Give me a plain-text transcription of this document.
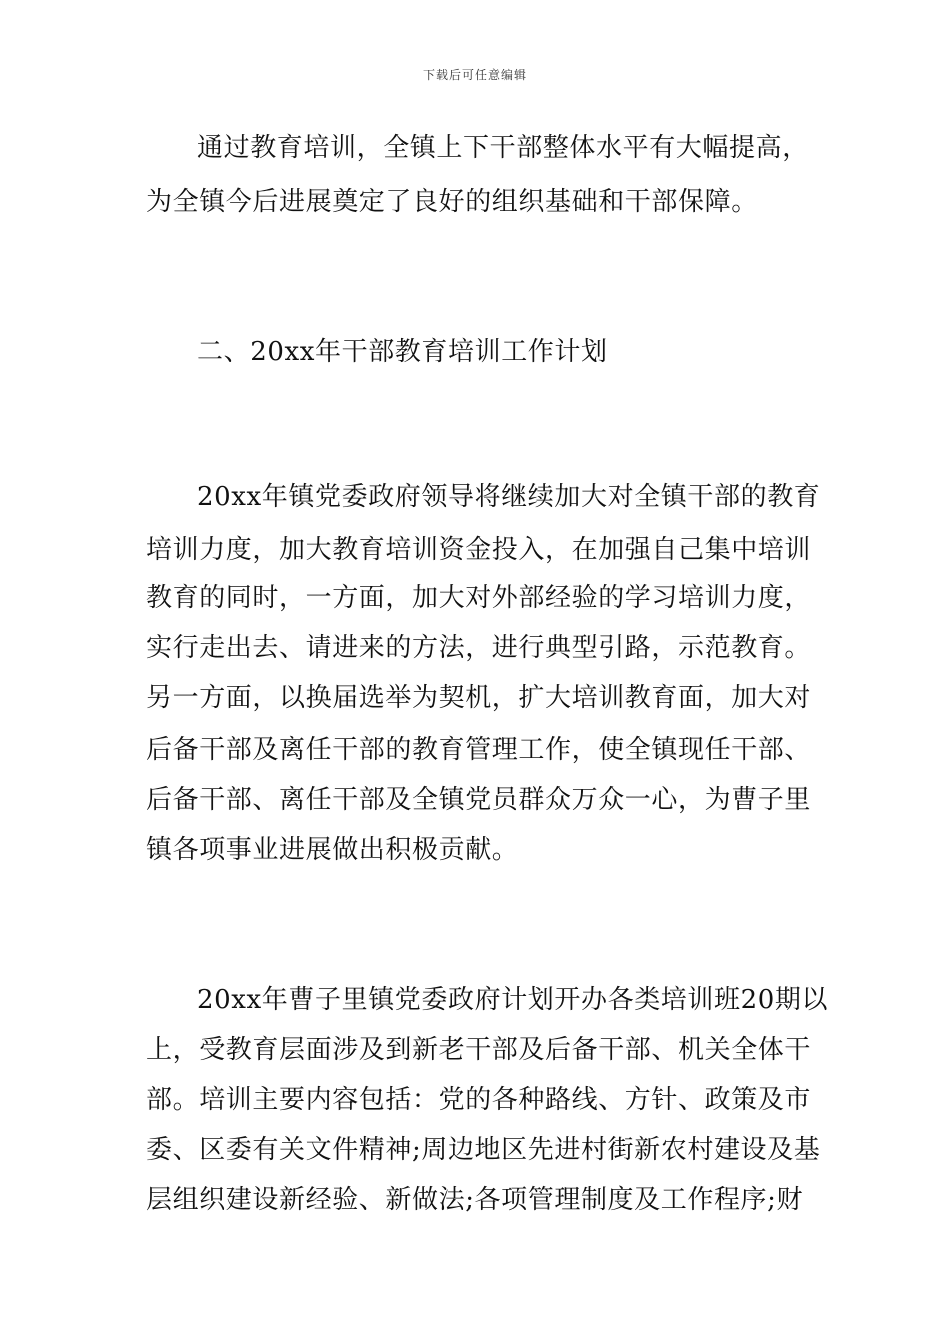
下载后可任意编辑
通过教育培训，全镇上下干部整体水平有大幅提高，
为全镇今后进展奠定了良好的组织基础和干部保障。
二、20xx年干部教育培训工作计划
20xx年镇党委政府领导将继续加大对全镇干部的教育
培训力度，加大教育培训资金投入，在加强自己集中培训
教育的同时，一方面，加大对外部经验的学习培训力度，
实行走出去、请进来的方法，进行典型引路，示范教育。
另一方面，以换届选举为契机，扩大培训教育面，加大对
后备干部及离任干部的教育管理工作，使全镇现任干部、
后备干部、离任干部及全镇党员群众万众一心，为曹子里
镇各项事业进展做出积极贡献。
20xx年曹子里镇党委政府计划开办各类培训班20期以
上，受教育层面涉及到新老干部及后备干部、机关全体干
部。培训主要内容包括：党的各种路线、方针、政策及市
委、区委有关文件精神;周边地区先进村街新农村建设及基
层组织建设新经验、新做法;各项管理制度及工作程序;财
